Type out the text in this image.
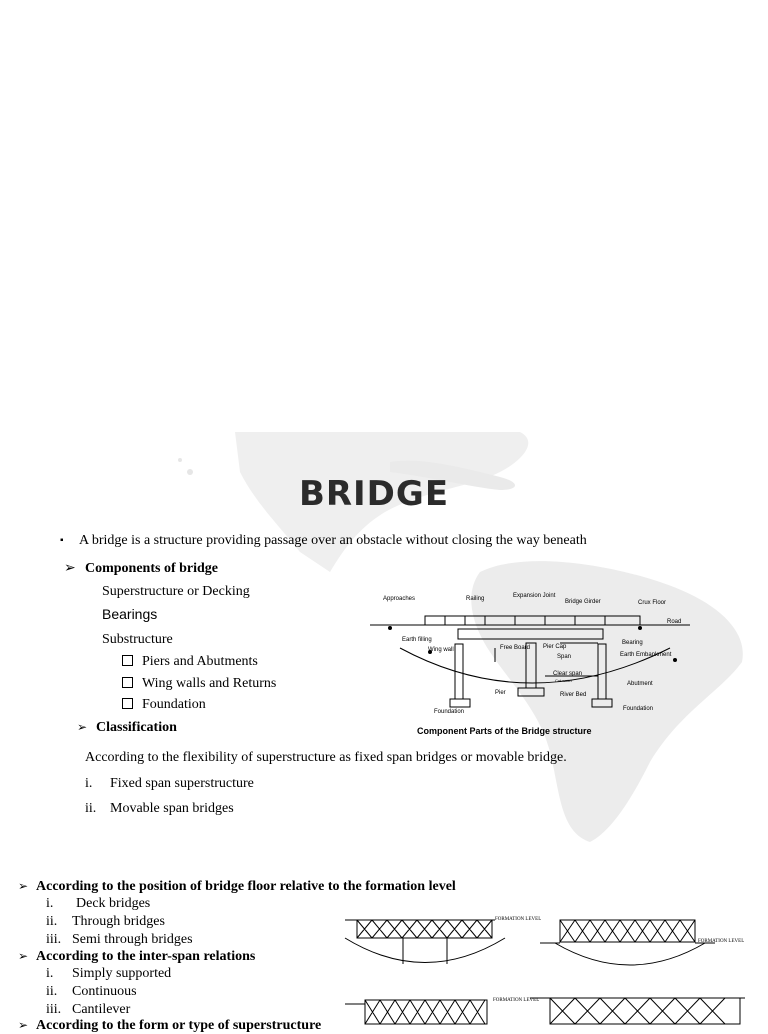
BRIDGE
▪ A bridge is a structure providing passage over an obstacle without closing the way beneath
➢ Components of bridge
Superstructure or Decking
Bearings
Substructure
Piers and Abutments
Wing walls and Returns
Foundation
➢ Classification
According to the flexibility of superstructure as fixed span bridges or movable bridge.
i. Fixed span superstructure
ii. Movable span bridges
Approaches	Railing	Expansion Joint
Bridge Girder	Crux Floor
Road
Earth filling
Wing wall	Free Board Pier Cap
Span
Bearing
Earth Embankment
Clear span
Cut water
Abutment
Pier	River Bed
Foundation	Foundation
Component Parts of the Bridge structure
➢ According to the position of bridge floor relative to the formation level
i. Deck bridges
ii. Through bridges
iii. Semi through bridges
➢ According to the inter-span relations
i. Simply supported
ii. Continuous
iii. Cantilever
➢ According to the form or type of superstructure
FORMATION LEVEL
FORMATION LEVEL
FORMATION LEVEL
